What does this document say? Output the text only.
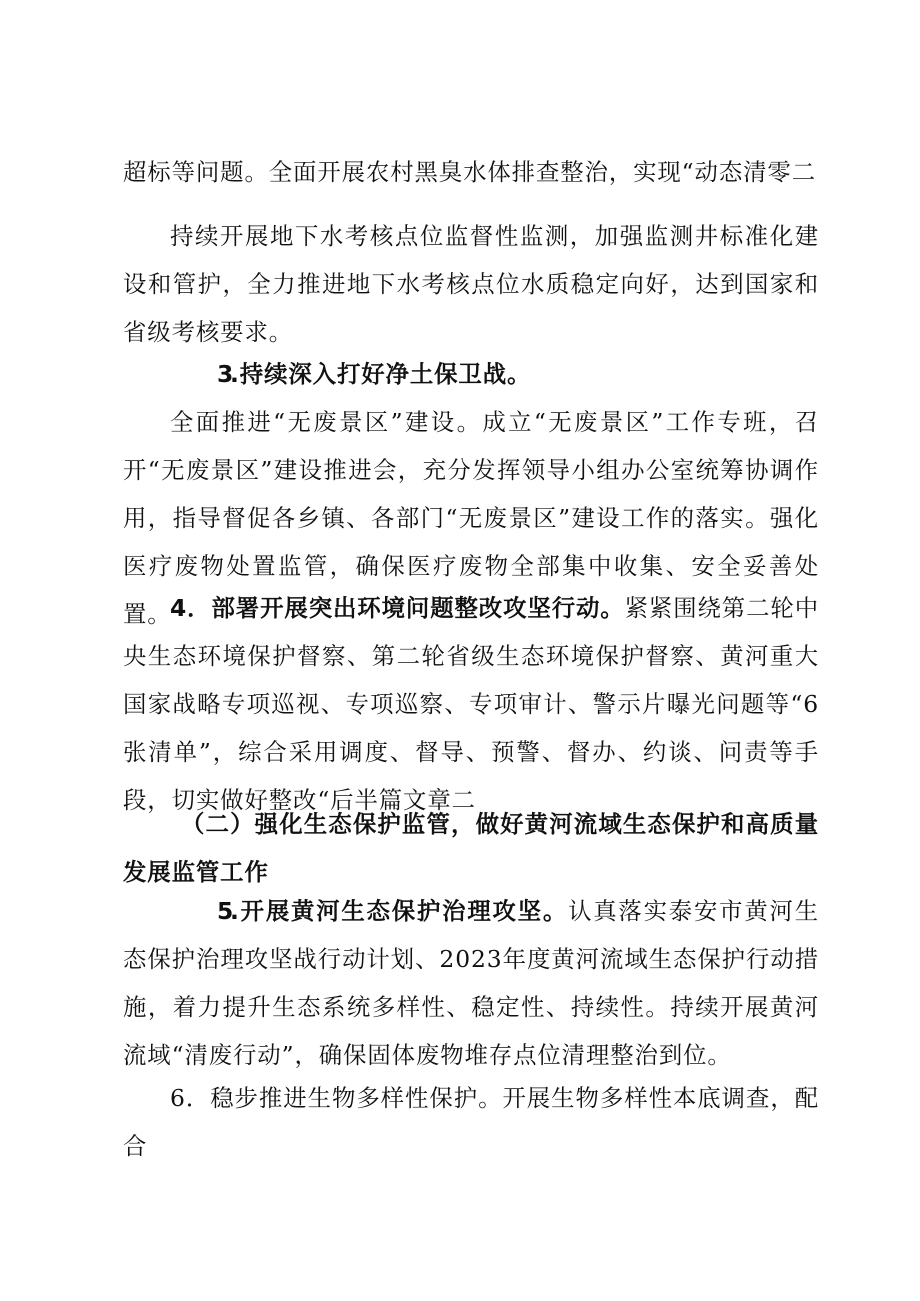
超标等问题。全面开展农村黑臭水体排查整治，实现“动态清零二

持续开展地下水考核点位监督性监测，加强监测井标准化建设和管护，全力推进地下水考核点位水质稳定向好，达到国家和省级考核要求。

3.持续深入打好净土保卫战。

全面推进“无废景区”建设。成立“无废景区”工作专班，召开“无废景区”建设推进会，充分发挥领导小组办公室统筹协调作用，指导督促各乡镇、各部门“无废景区”建设工作的落实。强化医疗废物处置监管，确保医疗废物全部集中收集、安全妥善处置。

4．部署开展突出环境问题整改攻坚行动。紧紧围绕第二轮中央生态环境保护督察、第二轮省级生态环境保护督察、黄河重大国家战略专项巡视、专项巡察、专项审计、警示片曝光问题等“6张清单”，综合采用调度、督导、预警、督办、约谈、问责等手段，切实做好整改“后半篇文章二

（二）强化生态保护监管，做好黄河流域生态保护和高质量发展监管工作

5.开展黄河生态保护治理攻坚。认真落实泰安市黄河生态保护治理攻坚战行动计划、2023年度黄河流域生态保护行动措施，着力提升生态系统多样性、稳定性、持续性。持续开展黄河流域“清废行动”，确保固体废物堆存点位清理整治到位。

6．稳步推进生物多样性保护。开展生物多样性本底调查，配合
